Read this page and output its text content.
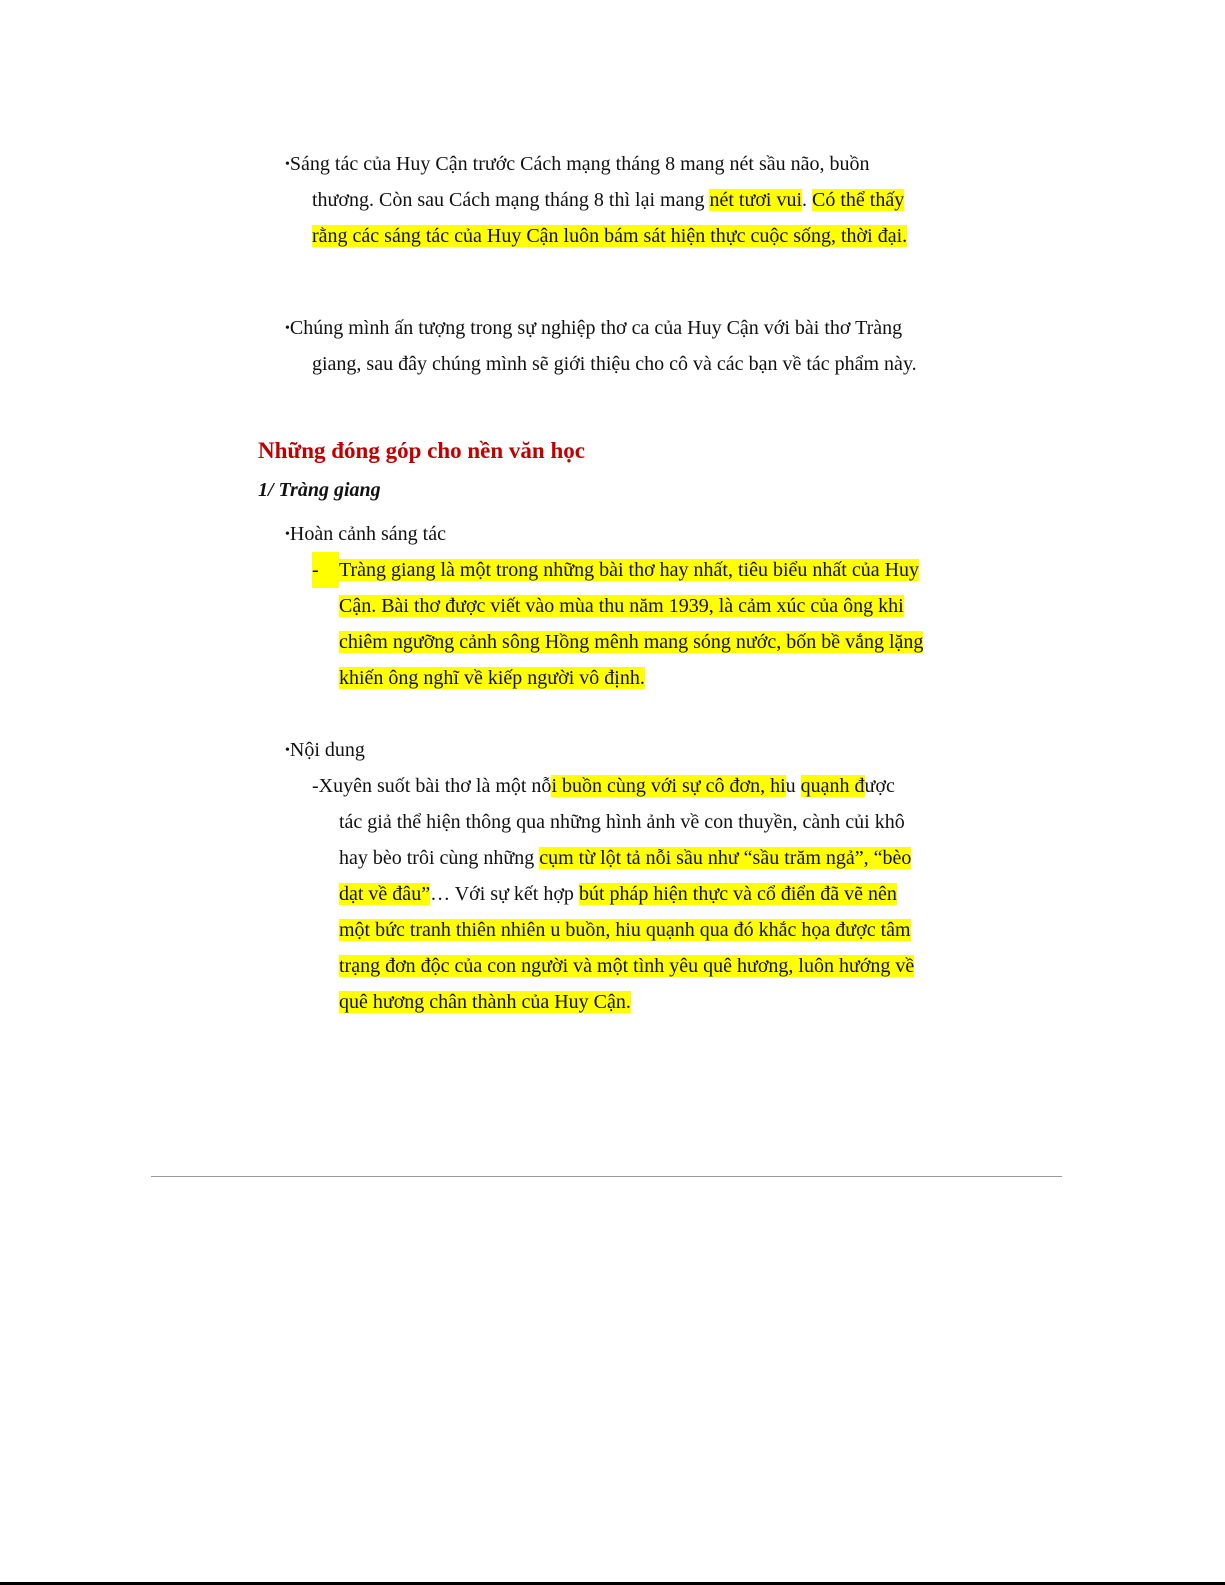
•Sáng tác của Huy Cận trước Cách mạng tháng 8 mang nét sầu não, buồn
thương. Còn sau Cách mạng tháng 8 thì lại mang nét tươi vui. Có thể thấy
rằng các sáng tác của Huy Cận luôn bám sát hiện thực cuộc sống, thời đại.
•Chúng mình ấn tượng trong sự nghiệp thơ ca của Huy Cận với bài thơ Tràng
giang, sau đây chúng mình sẽ giới thiệu cho cô và các bạn về tác phẩm này.
Những đóng góp cho nền văn học
1/ Tràng giang
•Hoàn cảnh sáng tác
- Tràng giang là một trong những bài thơ hay nhất, tiêu biểu nhất của Huy
Cận. Bài thơ được viết vào mùa thu năm 1939, là cảm xúc của ông khi
chiêm ngưỡng cảnh sông Hồng mênh mang sóng nước, bốn bề vắng lặng
khiến ông nghĩ về kiếp người vô định.
•Nội dung
-Xuyên suốt bài thơ là một nỗi buồn cùng với sự cô đơn, hiu quạnh được
tác giả thể hiện thông qua những hình ảnh về con thuyền, cành củi khô
hay bèo trôi cùng những cụm từ lột tả nỗi sầu như “sầu trăm ngả”, “bèo
dạt về đâu”… Với sự kết hợp bút pháp hiện thực và cổ điển đã vẽ nên
một bức tranh thiên nhiên u buồn, hiu quạnh qua đó khắc họa được tâm
trạng đơn độc của con người và một tình yêu quê hương, luôn hướng về
quê hương chân thành của Huy Cận.
